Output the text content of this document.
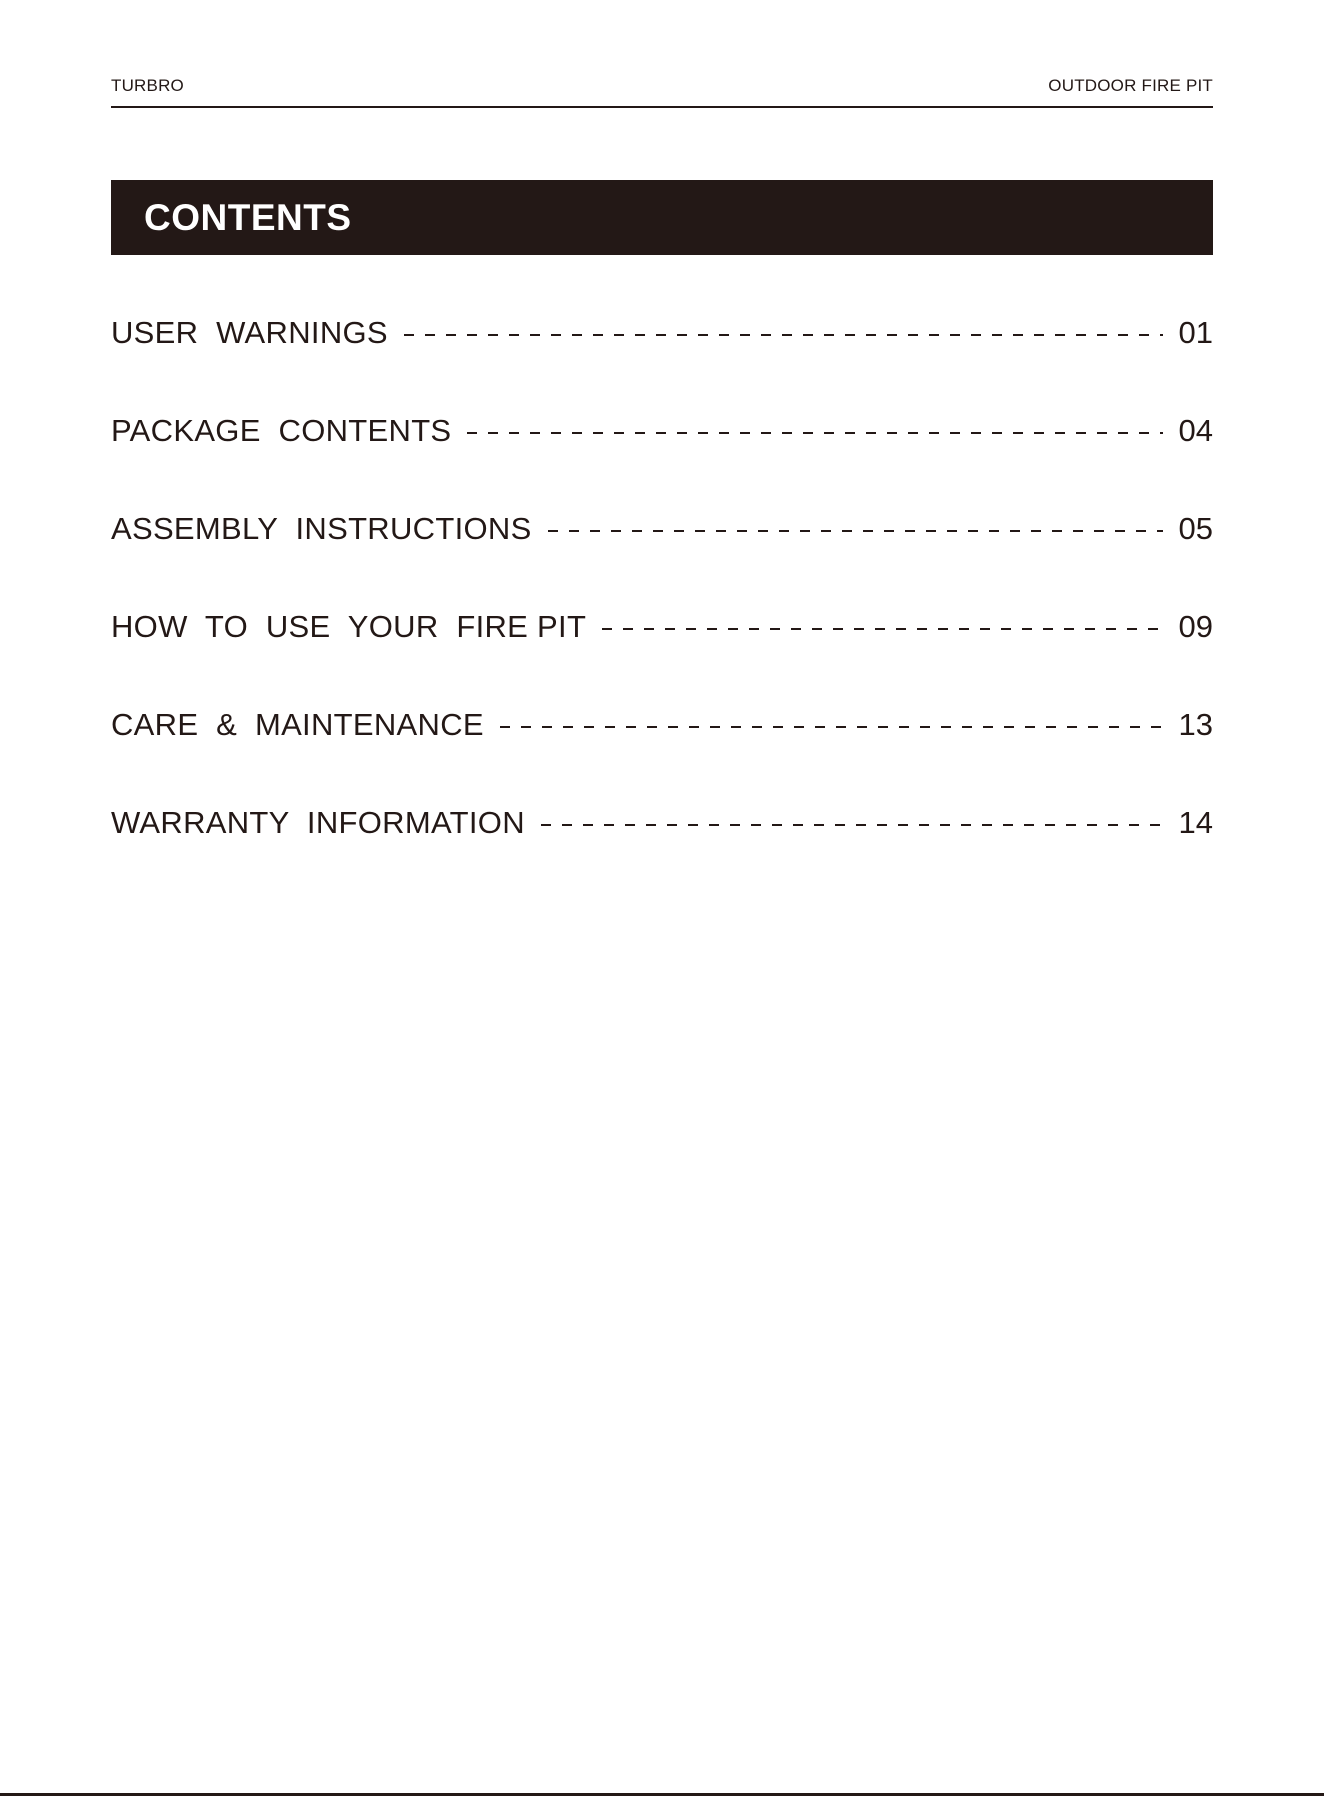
TURBRO	OUTDOOR FIRE PIT
CONTENTS
USER  WARNINGS	01
PACKAGE  CONTENTS	04
ASSEMBLY  INSTRUCTIONS	05
HOW  TO  USE  YOUR  FIRE PIT	09
CARE  &  MAINTENANCE	13
WARRANTY  INFORMATION	14
